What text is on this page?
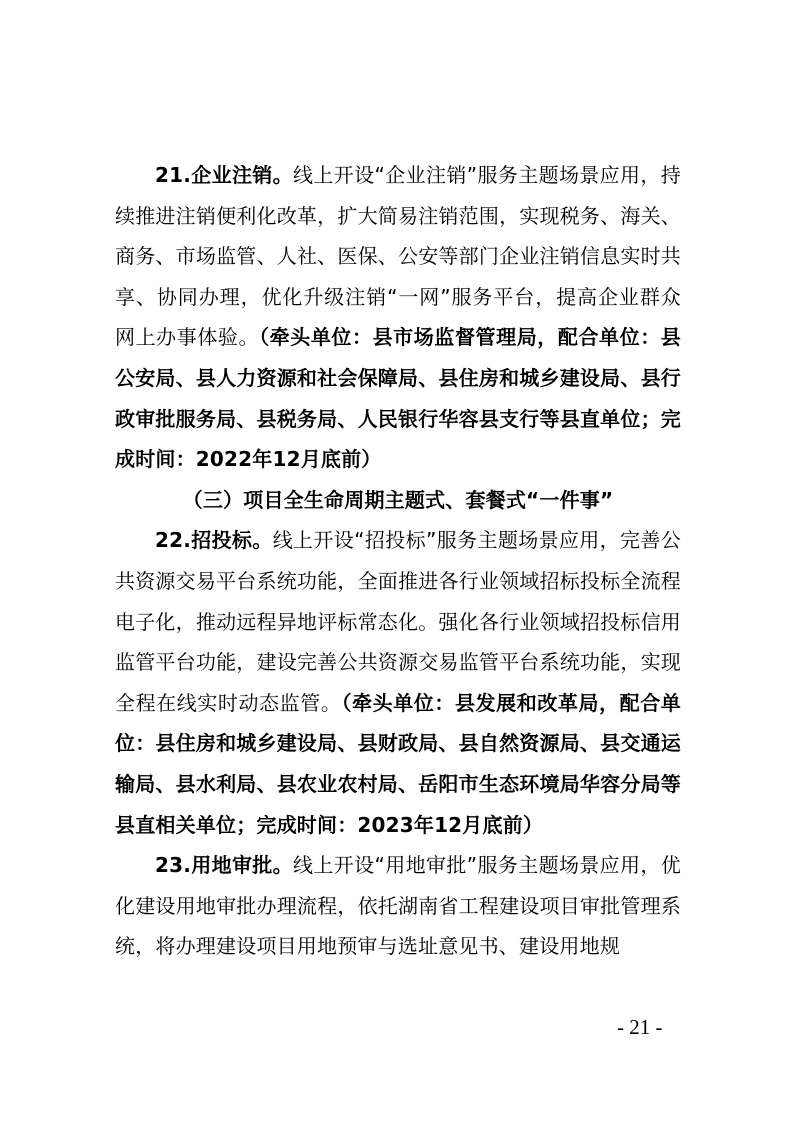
21.企业注销。线上开设“企业注销”服务主题场景应用，持续推进注销便利化改革，扩大简易注销范围，实现税务、海关、商务、市场监管、人社、医保、公安等部门企业注销信息实时共享、协同办理，优化升级注销“一网”服务平台，提高企业群众网上办事体验。（牵头单位：县市场监督管理局，配合单位：县公安局、县人力资源和社会保障局、县住房和城乡建设局、县行政审批服务局、县税务局、人民银行华容县支行等县直单位；完成时间：2022年12月底前）

（三）项目全生命周期主题式、套餐式“一件事”

22.招投标。线上开设“招投标”服务主题场景应用，完善公共资源交易平台系统功能，全面推进各行业领域招标投标全流程电子化，推动远程异地评标常态化。强化各行业领域招投标信用监管平台功能，建设完善公共资源交易监管平台系统功能，实现全程在线实时动态监管。（牵头单位：县发展和改革局，配合单位：县住房和城乡建设局、县财政局、县自然资源局、县交通运输局、县水利局、县农业农村局、岳阳市生态环境局华容分局等县直相关单位；完成时间：2023年12月底前）

23.用地审批。线上开设“用地审批”服务主题场景应用，优化建设用地审批办理流程，依托湖南省工程建设项目审批管理系统，将办理建设项目用地预审与选址意见书、建设用地规

- 21 -
